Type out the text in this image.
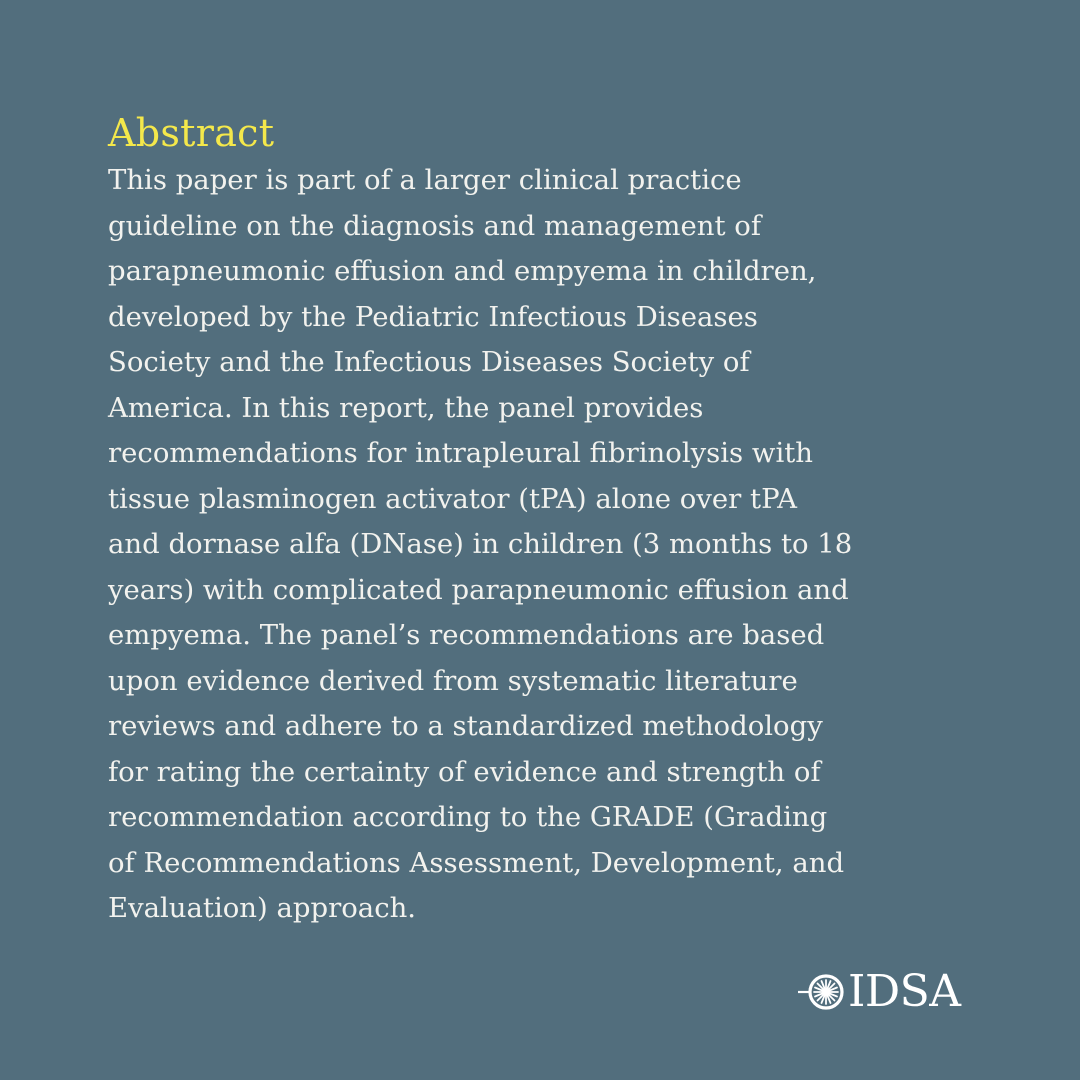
Abstract

This paper is part of a larger clinical practice
guideline on the diagnosis and management of
parapneumonic effusion and empyema in children,
developed by the Pediatric Infectious Diseases
Society and the Infectious Diseases Society of
America. In this report, the panel provides
recommendations for intrapleural fibrinolysis with
tissue plasminogen activator (tPA) alone over tPA
and dornase alfa (DNase) in children (3 months to 18
years) with complicated parapneumonic effusion and
empyema. The panel’s recommendations are based
upon evidence derived from systematic literature
reviews and adhere to a standardized methodology
for rating the certainty of evidence and strength of
recommendation according to the GRADE (Grading
of Recommendations Assessment, Development, and
Evaluation) approach.

IDSA
